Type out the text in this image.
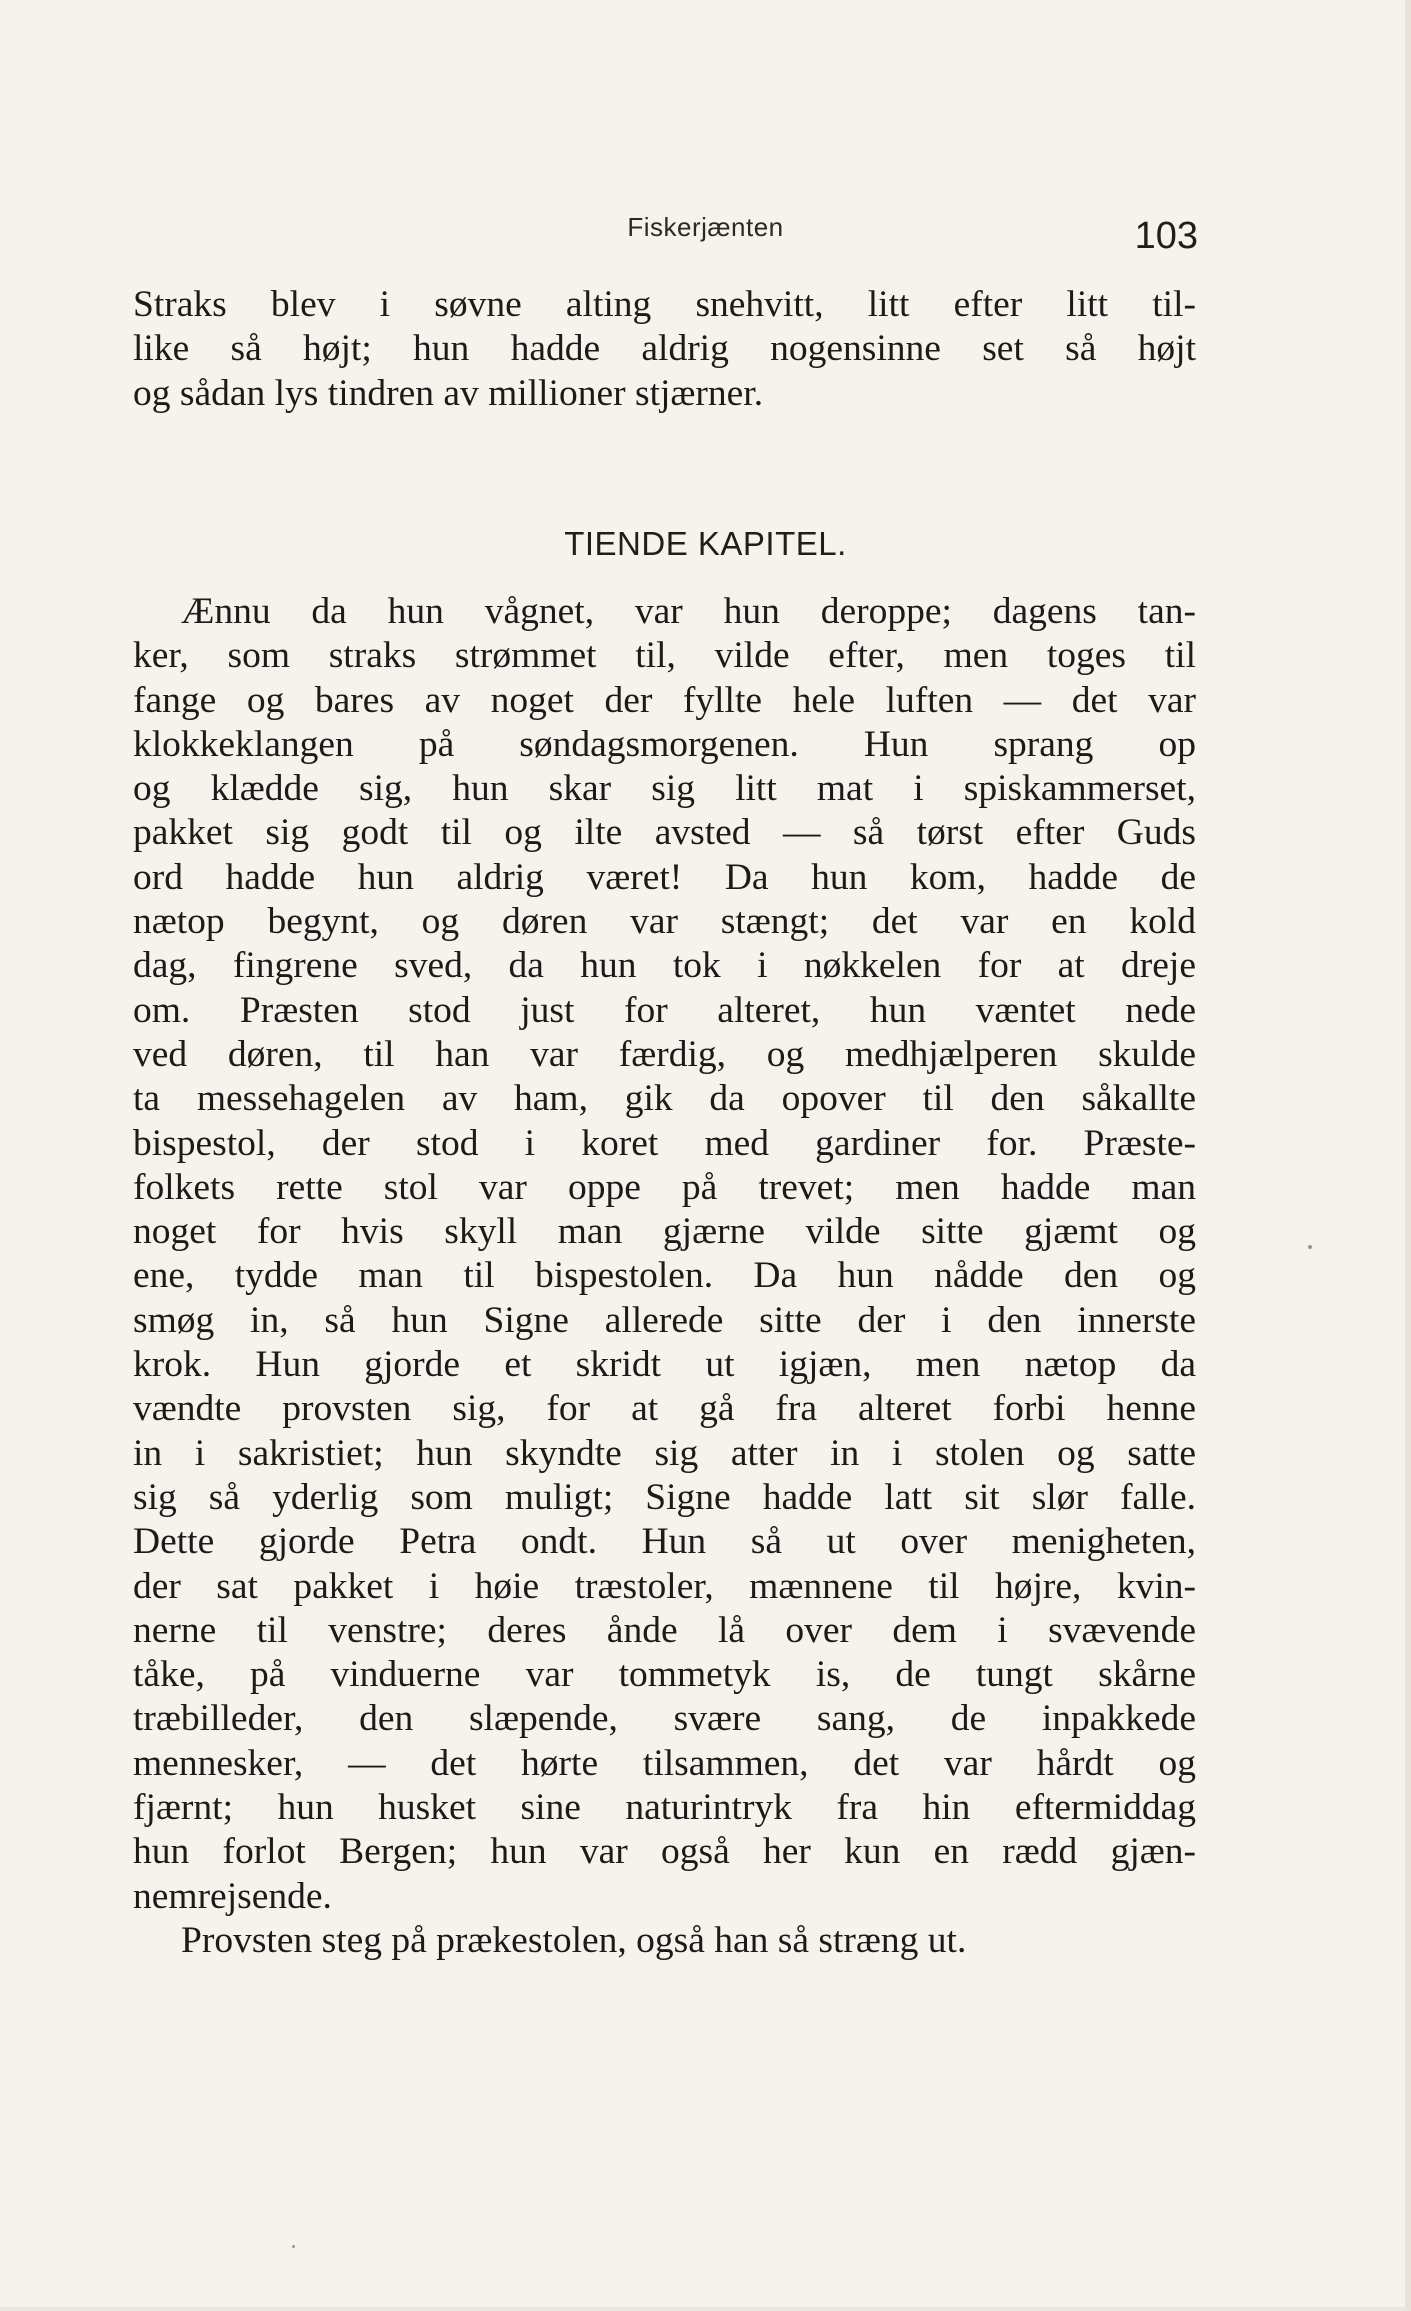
Fiskerjænten	103
Straks blev i søvne alting snehvitt, litt efter litt til-
like så højt; hun hadde aldrig nogensinne set så højt
og sådan lys tindren av millioner stjærner.
TIENDE KAPITEL.
Ænnu da hun vågnet, var hun deroppe; dagens tan-
ker, som straks strømmet til, vilde efter, men toges til
fange og bares av noget der fyllte hele luften — det var
klokkeklangen på søndagsmorgenen. Hun sprang op
og klædde sig, hun skar sig litt mat i spiskammerset,
pakket sig godt til og ilte avsted — så tørst efter Guds
ord hadde hun aldrig været! Da hun kom, hadde de
nætop begynt, og døren var stængt; det var en kold
dag, fingrene sved, da hun tok i nøkkelen for at dreje
om. Præsten stod just for alteret, hun væntet nede
ved døren, til han var færdig, og medhjælperen skulde
ta messehagelen av ham, gik da opover til den såkallte
bispestol, der stod i koret med gardiner for. Præste-
folkets rette stol var oppe på trevet; men hadde man
noget for hvis skyll man gjærne vilde sitte gjæmt og
ene, tydde man til bispestolen. Da hun nådde den og
smøg in, så hun Signe allerede sitte der i den innerste
krok. Hun gjorde et skridt ut igjæn, men nætop da
vændte provsten sig, for at gå fra alteret forbi henne
in i sakristiet; hun skyndte sig atter in i stolen og satte
sig så yderlig som muligt; Signe hadde latt sit slør falle.
Dette gjorde Petra ondt. Hun så ut over menigheten,
der sat pakket i høie træstoler, mænnene til højre, kvin-
nerne til venstre; deres ånde lå over dem i svævende
tåke, på vinduerne var tommetyk is, de tungt skårne
træbilleder, den slæpende, svære sang, de inpakkede
mennesker, — det hørte tilsammen, det var hårdt og
fjærnt; hun husket sine naturintryk fra hin eftermiddag
hun forlot Bergen; hun var også her kun en rædd gjæn-
nemrejsende.
Provsten steg på prækestolen, også han så stræng ut.
